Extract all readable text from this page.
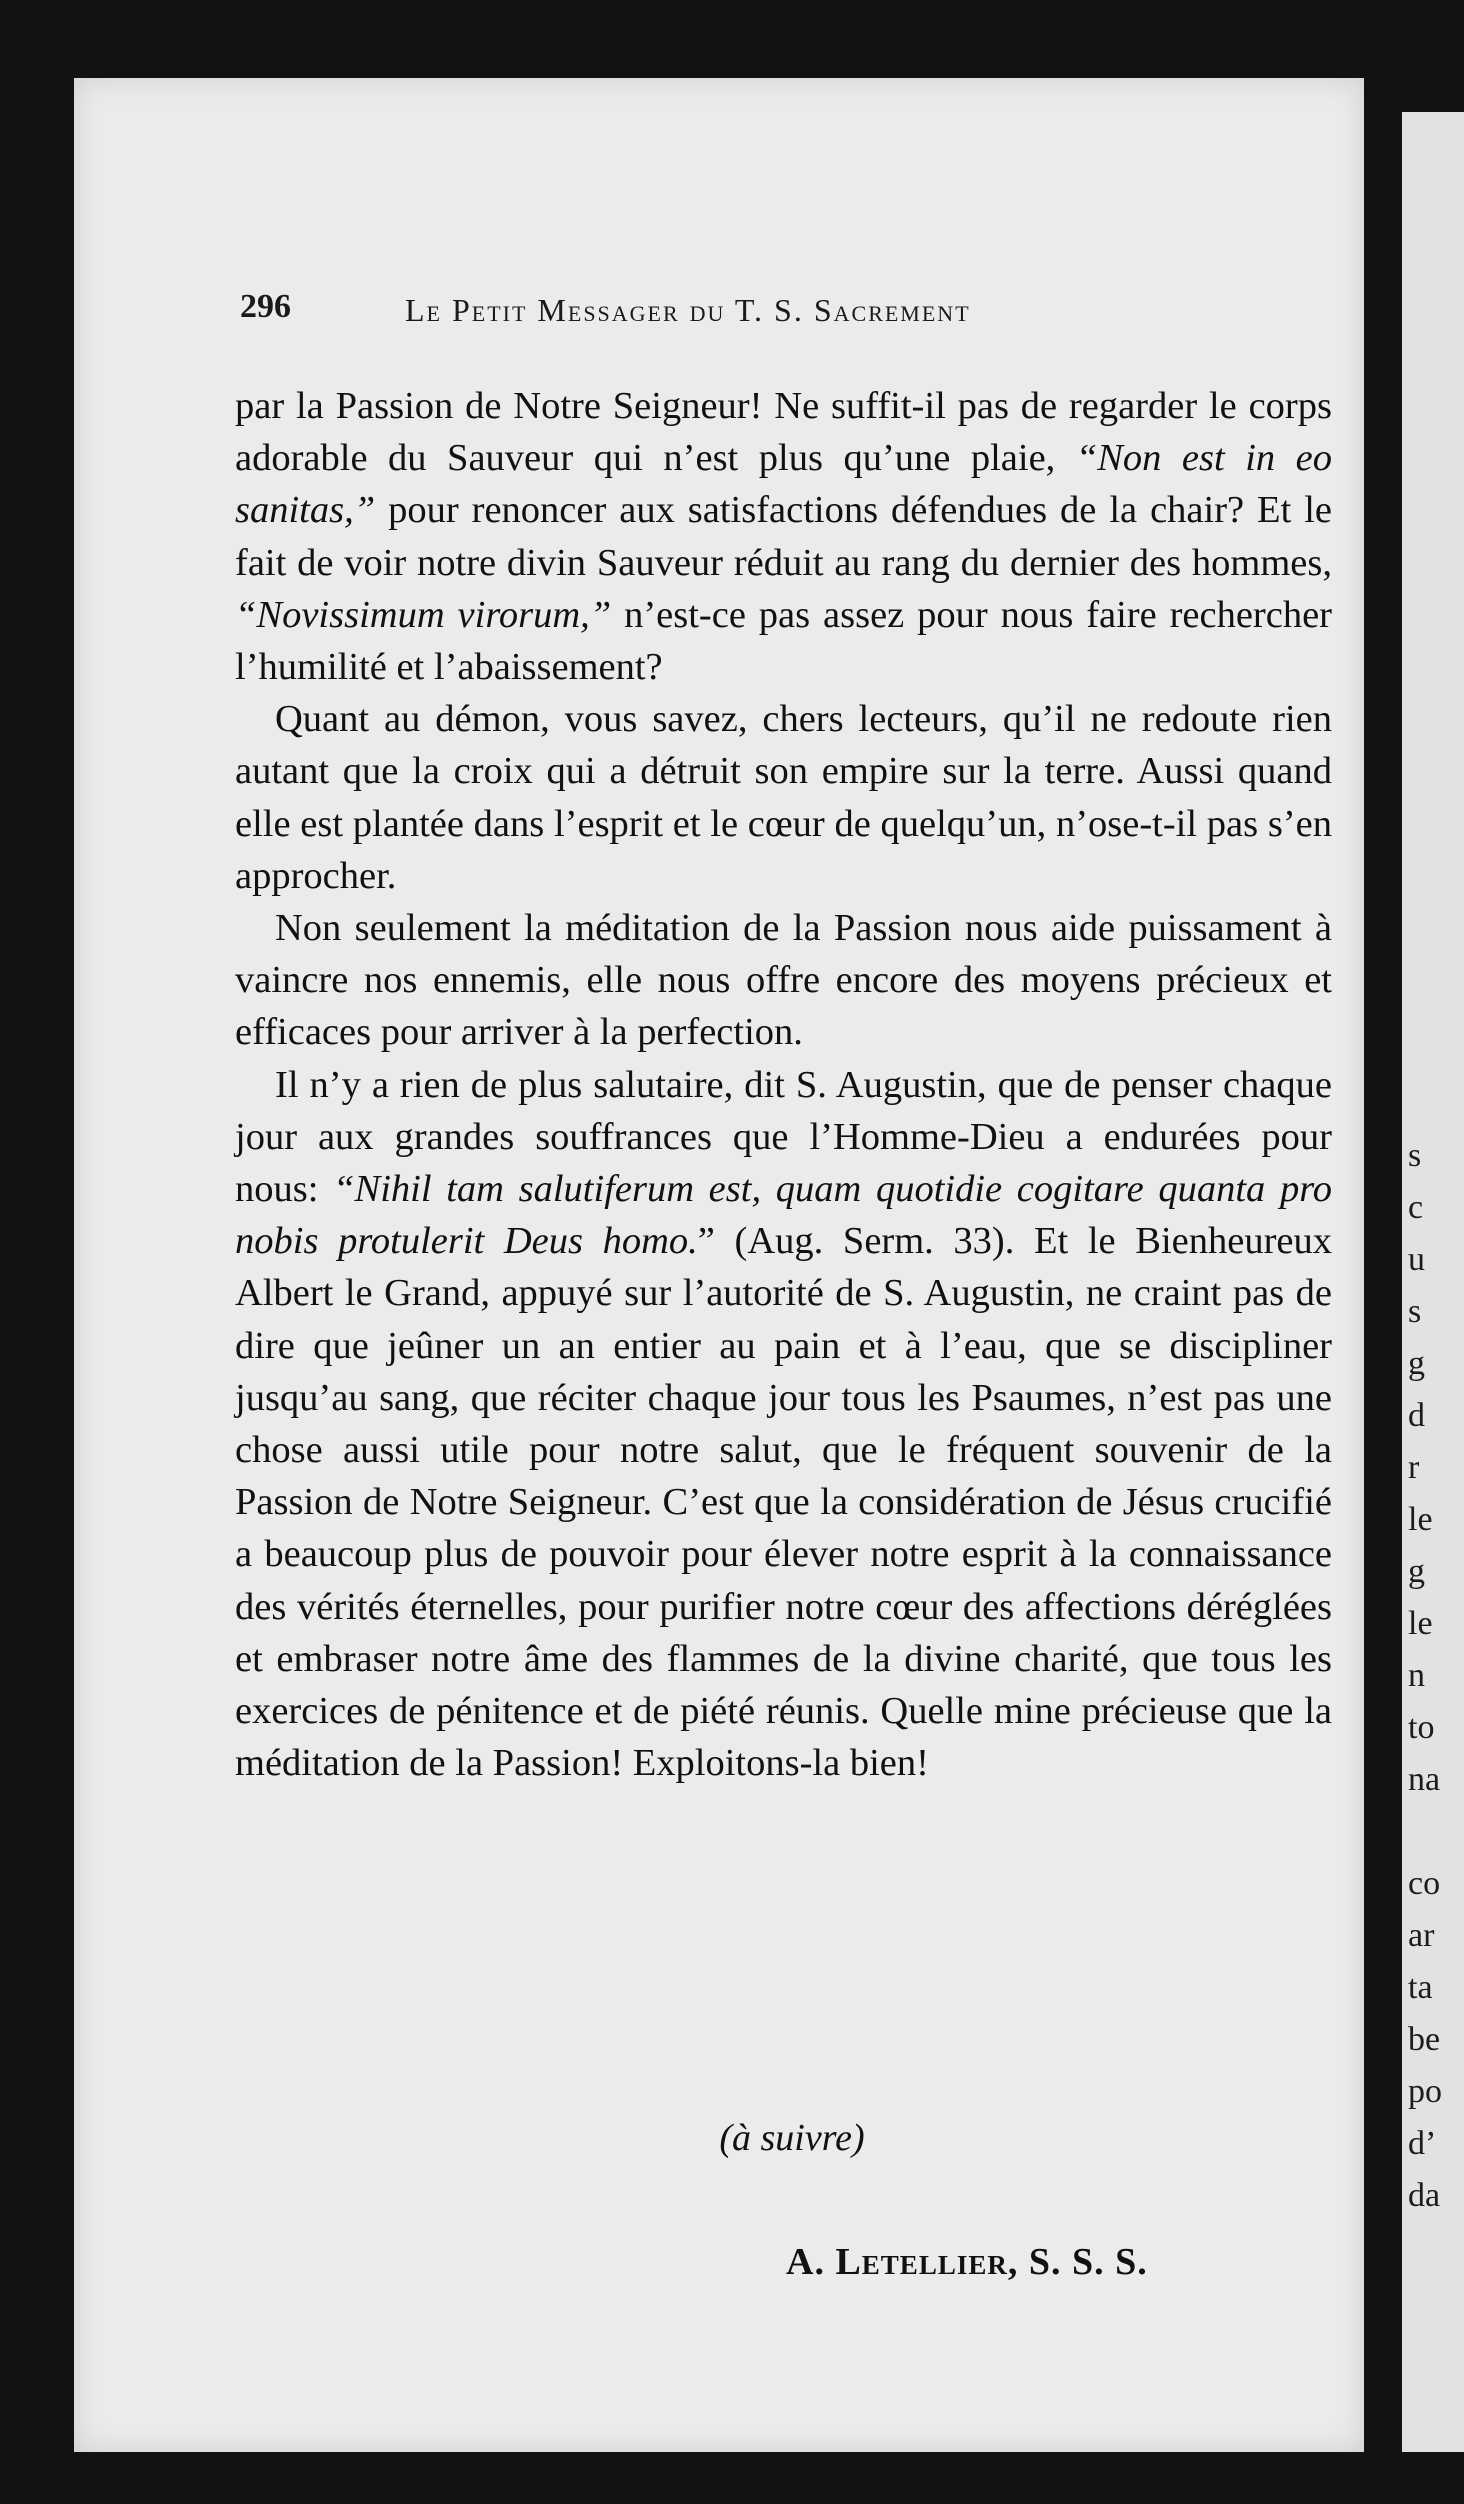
s
c
u
s
g
d
r
le
g
le
n
to
na

co
ar
ta
be
po
d’
da
296	Le Petit Messager du T. S. Sacrement

par la Passion de Notre Seigneur! Ne suffit-il pas de regarder le corps adorable du Sauveur qui n’est plus qu’une plaie, “Non est in eo sanitas,” pour renoncer aux satisfactions défendues de la chair? Et le fait de voir notre divin Sauveur réduit au rang du dernier des hommes, “Novissimum virorum,” n’est-ce pas assez pour nous faire rechercher l’humilité et l’abaissement?

Quant au démon, vous savez, chers lecteurs, qu’il ne redoute rien autant que la croix qui a détruit son empire sur la terre. Aussi quand elle est plantée dans l’esprit et le cœur de quelqu’un, n’ose-t-il pas s’en approcher.

Non seulement la méditation de la Passion nous aide puissament à vaincre nos ennemis, elle nous offre encore des moyens précieux et efficaces pour arriver à la perfection.

Il n’y a rien de plus salutaire, dit S. Augustin, que de penser chaque jour aux grandes souffrances que l’Homme-Dieu a endurées pour nous: “Nihil tam salutiferum est, quam quotidie cogitare quanta pro nobis protulerit Deus homo.” (Aug. Serm. 33). Et le Bienheureux Albert le Grand, appuyé sur l’autorité de S. Augustin, ne craint pas de dire que jeûner un an entier au pain et à l’eau, que se discipliner jusqu’au sang, que réciter chaque jour tous les Psaumes, n’est pas une chose aussi utile pour notre salut, que le fréquent souvenir de la Passion de Notre Seigneur. C’est que la considération de Jésus crucifié a beaucoup plus de pouvoir pour élever notre esprit à la connaissance des vérités éternelles, pour purifier notre cœur des affections déréglées et embraser notre âme des flammes de la divine charité, que tous les exercices de pénitence et de piété réunis. Quelle mine précieuse que la méditation de la Passion! Exploitons-la bien!

(à suivre)
A. Letellier, S. S. S.
